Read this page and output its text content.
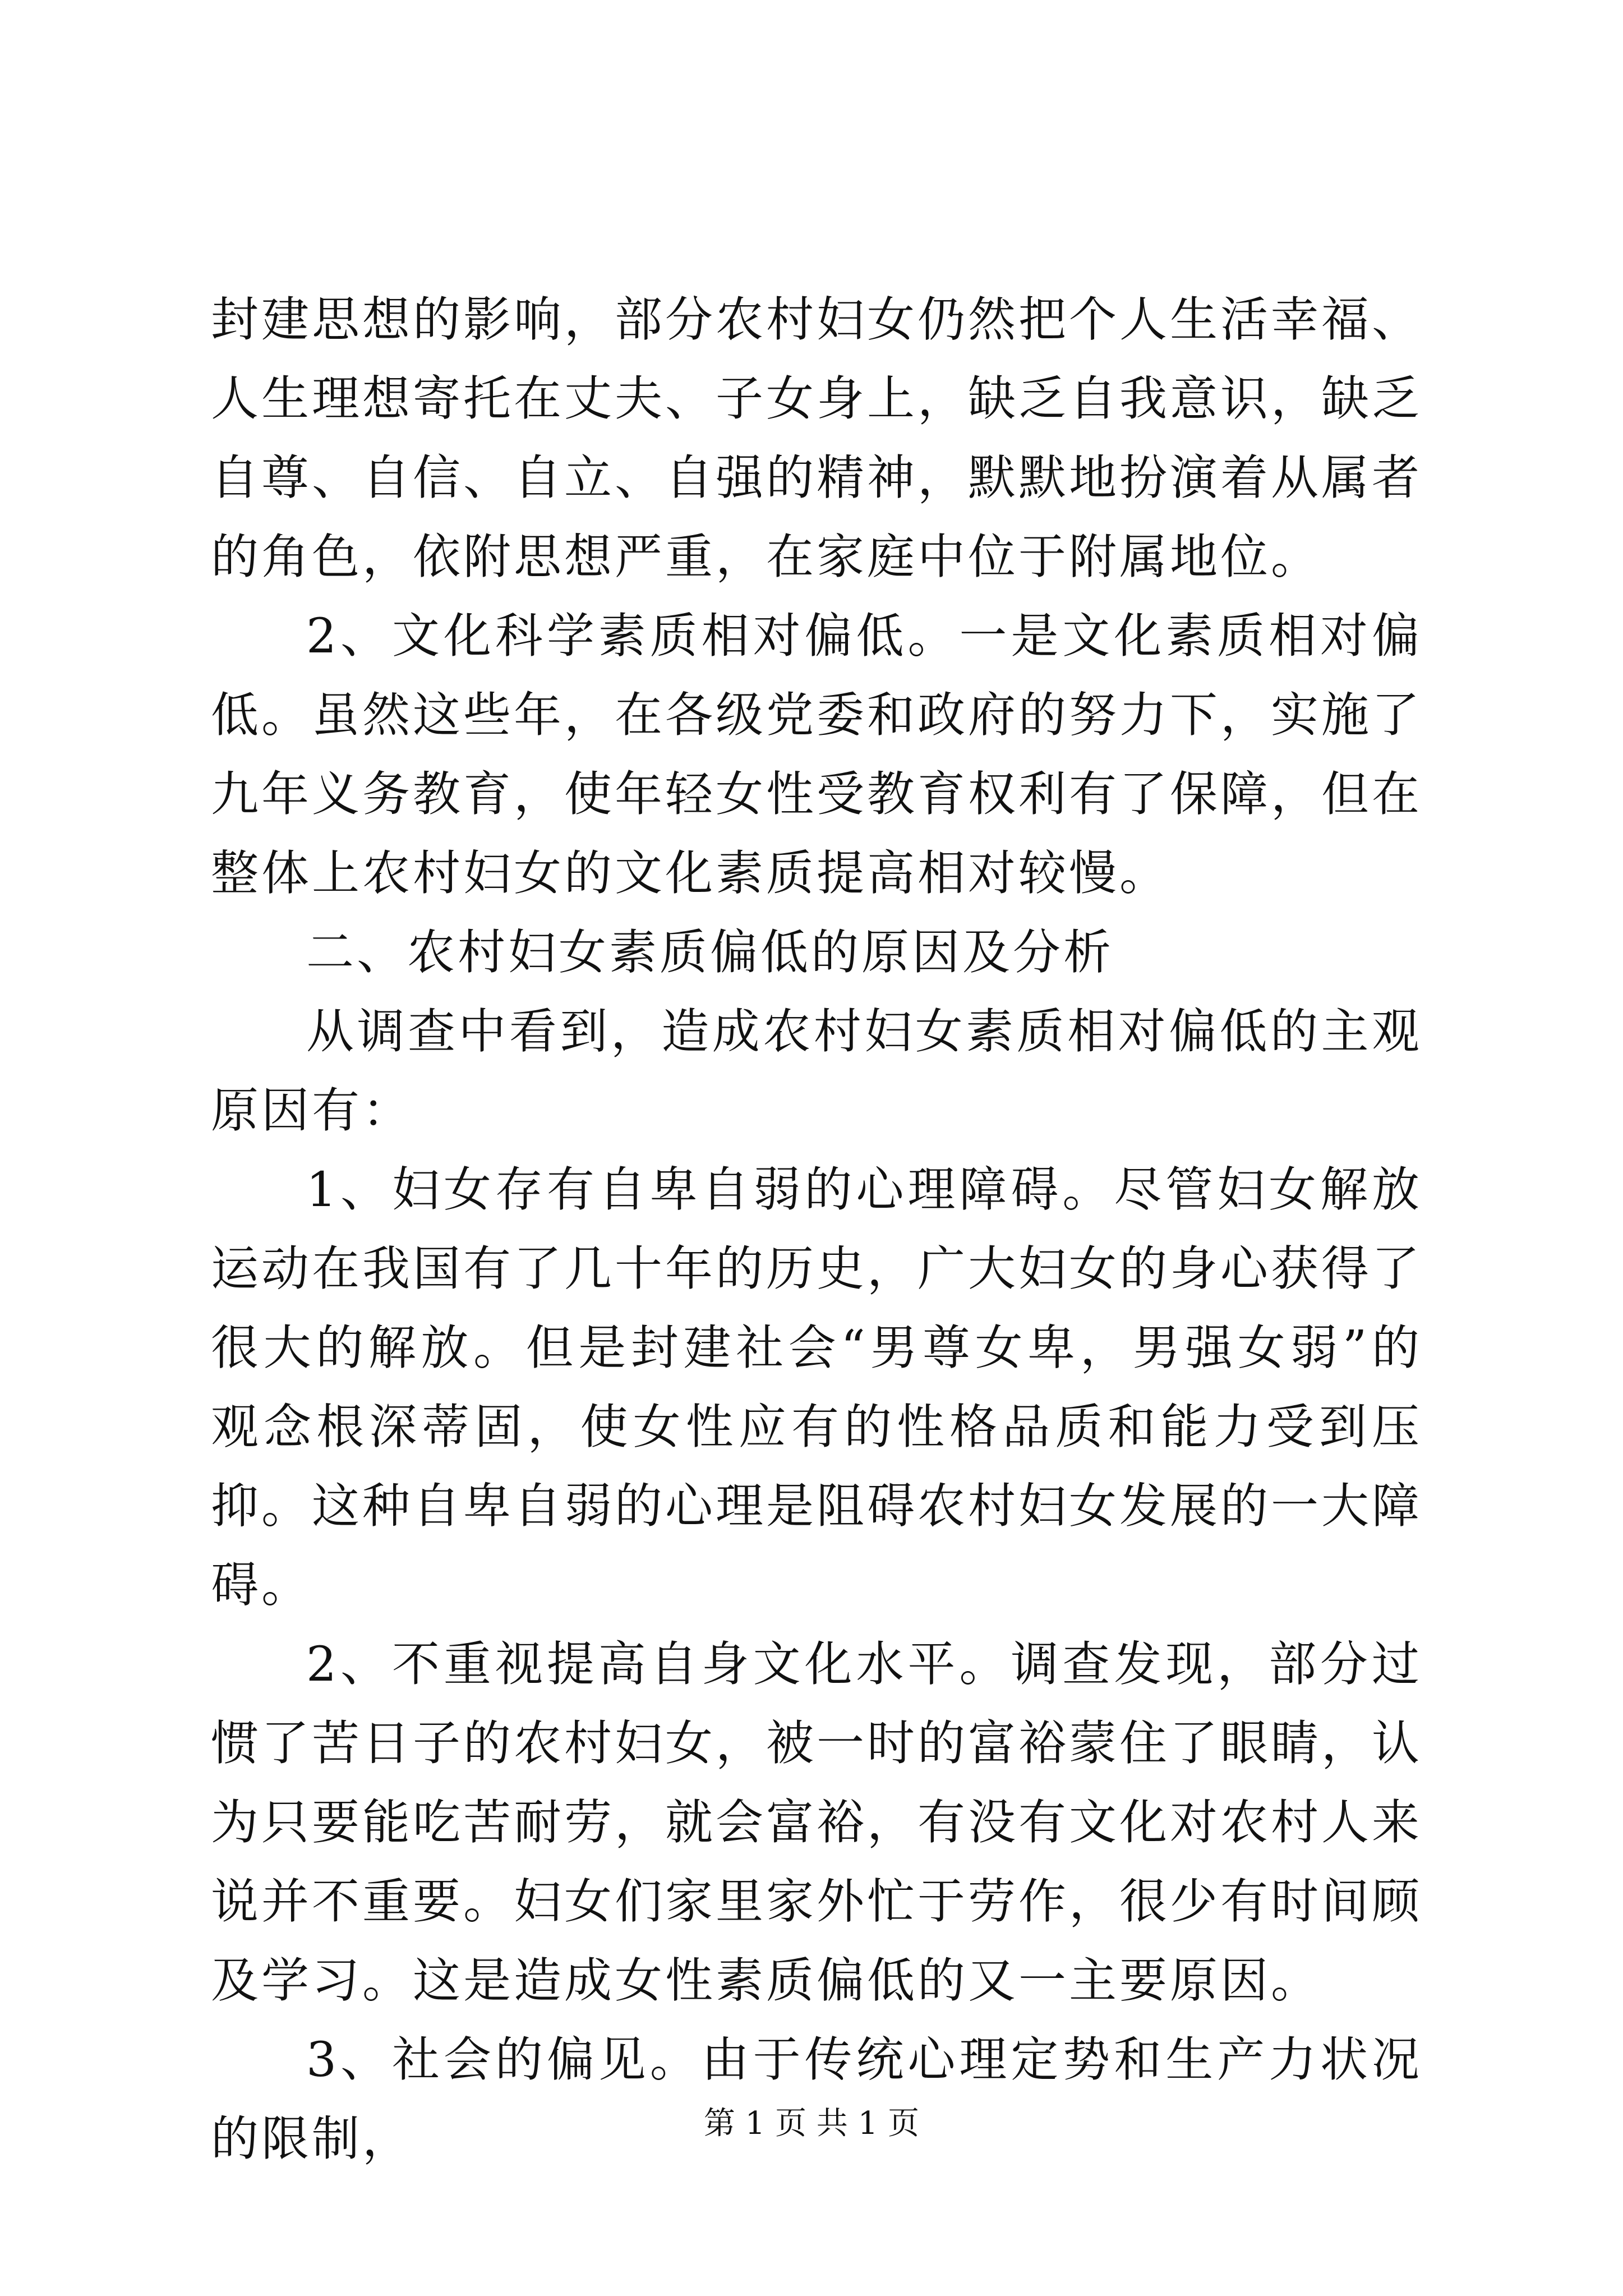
封建思想的影响，部分农村妇女仍然把个人生活幸福、人生理想寄托在丈夫、子女身上，缺乏自我意识，缺乏自尊、自信、自立、自强的精神，默默地扮演着从属者的角色，依附思想严重，在家庭中位于附属地位。

2、文化科学素质相对偏低。一是文化素质相对偏低。虽然这些年，在各级党委和政府的努力下，实施了九年义务教育，使年轻女性受教育权利有了保障，但在整体上农村妇女的文化素质提高相对较慢。

二、农村妇女素质偏低的原因及分析

从调查中看到，造成农村妇女素质相对偏低的主观原因有：

1、妇女存有自卑自弱的心理障碍。尽管妇女解放运动在我国有了几十年的历史，广大妇女的身心获得了很大的解放。但是封建社会“男尊女卑，男强女弱”的观念根深蒂固，使女性应有的性格品质和能力受到压抑。这种自卑自弱的心理是阻碍农村妇女发展的一大障碍。

2、不重视提高自身文化水平。调查发现，部分过惯了苦日子的农村妇女，被一时的富裕蒙住了眼睛，认为只要能吃苦耐劳，就会富裕，有没有文化对农村人来说并不重要。妇女们家里家外忙于劳作，很少有时间顾及学习。这是造成女性素质偏低的又一主要原因。

3、社会的偏见。由于传统心理定势和生产力状况的限制，	第 1 页 共 1 页
